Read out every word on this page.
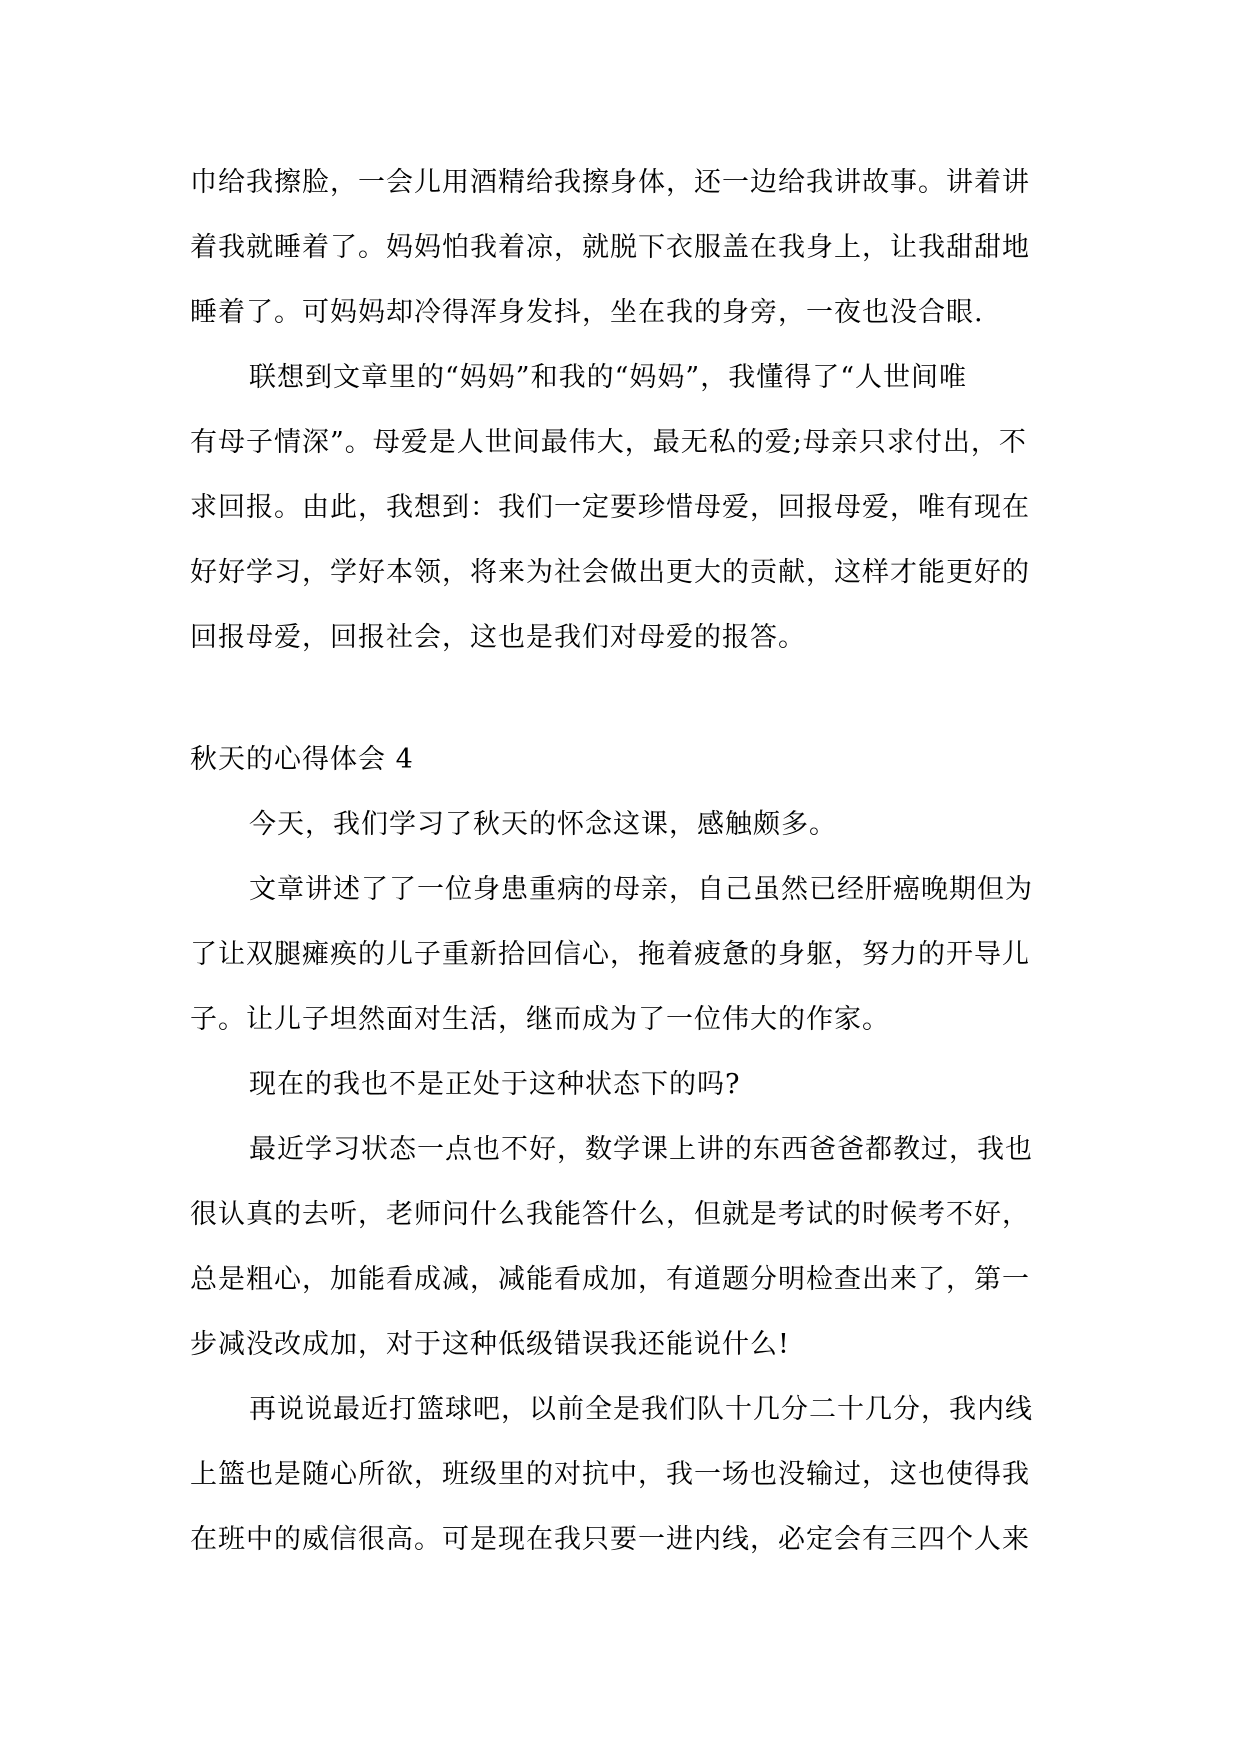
巾给我擦脸，一会儿用酒精给我擦身体，还一边给我讲故事。讲着讲

着我就睡着了。妈妈怕我着凉，就脱下衣服盖在我身上，让我甜甜地

睡着了。可妈妈却冷得浑身发抖，坐在我的身旁，一夜也没合眼.

联想到文章里的“妈妈”和我的“妈妈”，我懂得了“人世间唯

有母子情深”。母爱是人世间最伟大，最无私的爱;母亲只求付出，不

求回报。由此，我想到：我们一定要珍惜母爱，回报母爱，唯有现在

好好学习，学好本领，将来为社会做出更大的贡献，这样才能更好的

回报母爱，回报社会，这也是我们对母爱的报答。

秋天的心得体会 4

今天，我们学习了秋天的怀念这课，感触颇多。

文章讲述了了一位身患重病的母亲，自己虽然已经肝癌晚期但为

了让双腿瘫痪的儿子重新拾回信心，拖着疲惫的身躯，努力的开导儿

子。让儿子坦然面对生活，继而成为了一位伟大的作家。

现在的我也不是正处于这种状态下的吗?

最近学习状态一点也不好，数学课上讲的东西爸爸都教过，我也

很认真的去听，老师问什么我能答什么，但就是考试的时候考不好，

总是粗心，加能看成减，减能看成加，有道题分明检查出来了，第一

步减没改成加，对于这种低级错误我还能说什么!

再说说最近打篮球吧，以前全是我们队十几分二十几分，我内线

上篮也是随心所欲，班级里的对抗中，我一场也没输过，这也使得我

在班中的威信很高。可是现在我只要一进内线，必定会有三四个人来
